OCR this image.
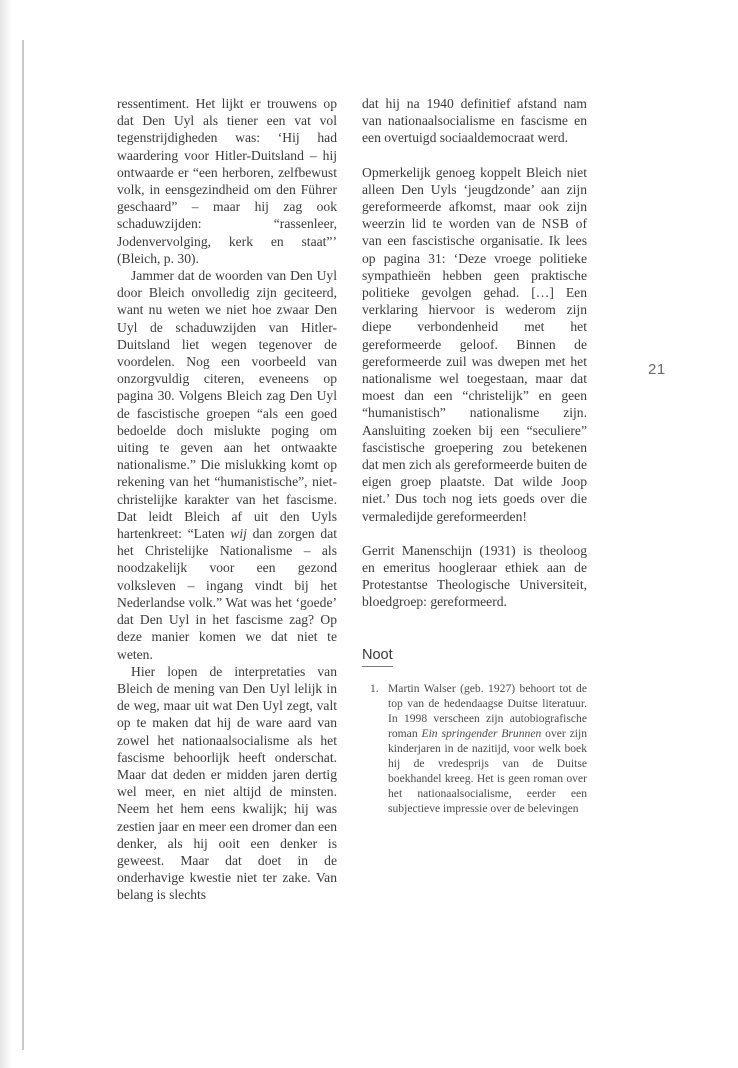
ressentiment. Het lijkt er trouwens op dat Den Uyl als tiener een vat vol tegenstrijdigheden was: ‘Hij had waardering voor Hitler-Duitsland – hij ontwaarde er “een herboren, zelfbewust volk, in eensgezindheid om den Führer geschaard” – maar hij zag ook schaduwzijden: “rassenleer, Jodenvervolging, kerk en staat”’ (Bleich, p. 30).

Jammer dat de woorden van Den Uyl door Bleich onvolledig zijn geciteerd, want nu weten we niet hoe zwaar Den Uyl de schaduwzijden van Hitler-Duitsland liet wegen tegenover de voordelen. Nog een voorbeeld van onzorgvuldig citeren, eveneens op pagina 30. Volgens Bleich zag Den Uyl de fascistische groepen “als een goed bedoelde doch mislukte poging om uiting te geven aan het ontwaakte nationalisme.” Die mislukking komt op rekening van het “humanistische”, niet-christelijke karakter van het fascisme. Dat leidt Bleich af uit den Uyls hartenkreet: “Laten wij dan zorgen dat het Christelijke Nationalisme – als noodzakelijk voor een gezond volksleven – ingang vindt bij het Nederlandse volk.” Wat was het ‘goede’ dat Den Uyl in het fascisme zag? Op deze manier komen we dat niet te weten.

Hier lopen de interpretaties van Bleich de mening van Den Uyl lelijk in de weg, maar uit wat Den Uyl zegt, valt op te maken dat hij de ware aard van zowel het nationaalsocialisme als het fascisme behoorlijk heeft onderschat. Maar dat deden er midden jaren dertig wel meer, en niet altijd de minsten. Neem het hem eens kwalijk; hij was zestien jaar en meer een dromer dan een denker, als hij ooit een denker is geweest. Maar dat doet in de onderhavige kwestie niet ter zake. Van belang is slechts

dat hij na 1940 definitief afstand nam van nationaalsocialisme en fascisme en een overtuigd sociaaldemocraat werd.

Opmerkelijk genoeg koppelt Bleich niet alleen Den Uyls ‘jeugdzonde’ aan zijn gereformeerde afkomst, maar ook zijn weerzin lid te worden van de NSB of van een fascistische organisatie. Ik lees op pagina 31: ‘Deze vroege politieke sympathieën hebben geen praktische politieke gevolgen gehad. […] Een verklaring hiervoor is wederom zijn diepe verbondenheid met het gereformeerde geloof. Binnen de gereformeerde zuil was dwepen met het nationalisme wel toegestaan, maar dat moest dan een “christelijk” en geen “humanistisch” nationalisme zijn. Aansluiting zoeken bij een “seculiere” fascistische groepering zou betekenen dat men zich als gereformeerde buiten de eigen groep plaatste. Dat wilde Joop niet.’ Dus toch nog iets goeds over die vermaledijde gereformeerden!

Gerrit Manenschijn (1931) is theoloog en emeritus hoogleraar ethiek aan de Protestantse Theologische Universiteit, bloedgroep: gereformeerd.

Noot
1. Martin Walser (geb. 1927) behoort tot de top van de hedendaagse Duitse literatuur. In 1998 verscheen zijn autobiografische roman Ein springender Brunnen over zijn kinderjaren in de nazitijd, voor welk boek hij de vredesprijs van de Duitse boekhandel kreeg. Het is geen roman over het nationaalsocialisme, eerder een subjectieve impressie over de belevingen
21
